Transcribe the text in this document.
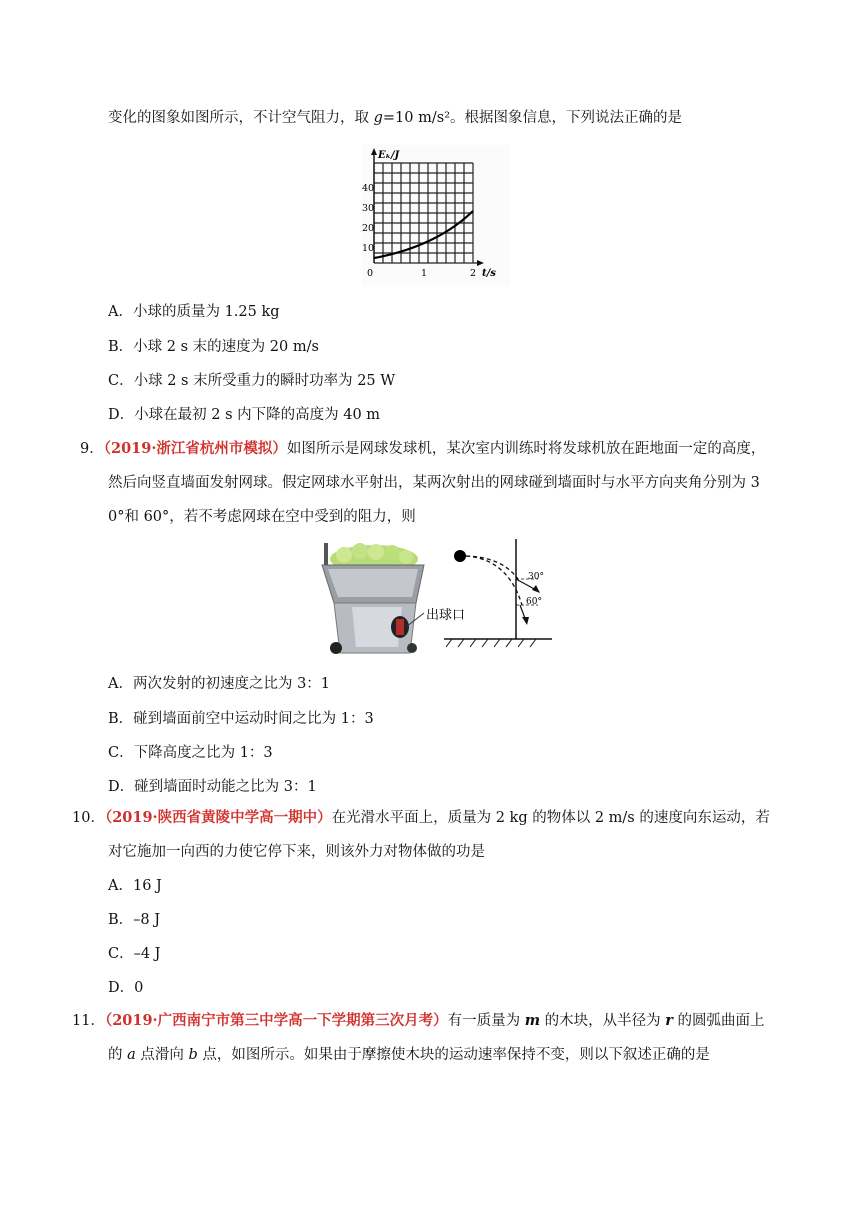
变化的图象如图所示，不计空气阻力，取 g=10 m/s²。根据图象信息，下列说法正确的是
Eₖ/J
40
30
20
10
0	1	2 t/s
A．小球的质量为 1.25 kg
B．小球 2 s 末的速度为 20 m/s
C．小球 2 s 末所受重力的瞬时功率为 25 W
D．小球在最初 2 s 内下降的高度为 40 m
9．（2019·浙江省杭州市模拟）如图所示是网球发球机，某次室内训练时将发球机放在距地面一定的高度，
然后向竖直墙面发射网球。假定网球水平射出，某两次射出的网球碰到墙面时与水平方向夹角分别为 3
0°和 60°，若不考虑网球在空中受到的阻力，则
出球口
30°
60°
A．两次发射的初速度之比为 3：1
B．碰到墙面前空中运动时间之比为 1：3
C．下降高度之比为 1：3
D．碰到墙面时动能之比为 3：1
10．（2019·陕西省黄陵中学高一期中）在光滑水平面上，质量为 2 kg 的物体以 2 m/s 的速度向东运动，若
对它施加一向西的力使它停下来，则该外力对物体做的功是
A．16 J
B．–8 J
C．–4 J
D．0
11．（2019·广西南宁市第三中学高一下学期第三次月考）有一质量为 m 的木块，从半径为 r 的圆弧曲面上
的 a 点滑向 b 点，如图所示。如果由于摩擦使木块的运动速率保持不变，则以下叙述正确的是
